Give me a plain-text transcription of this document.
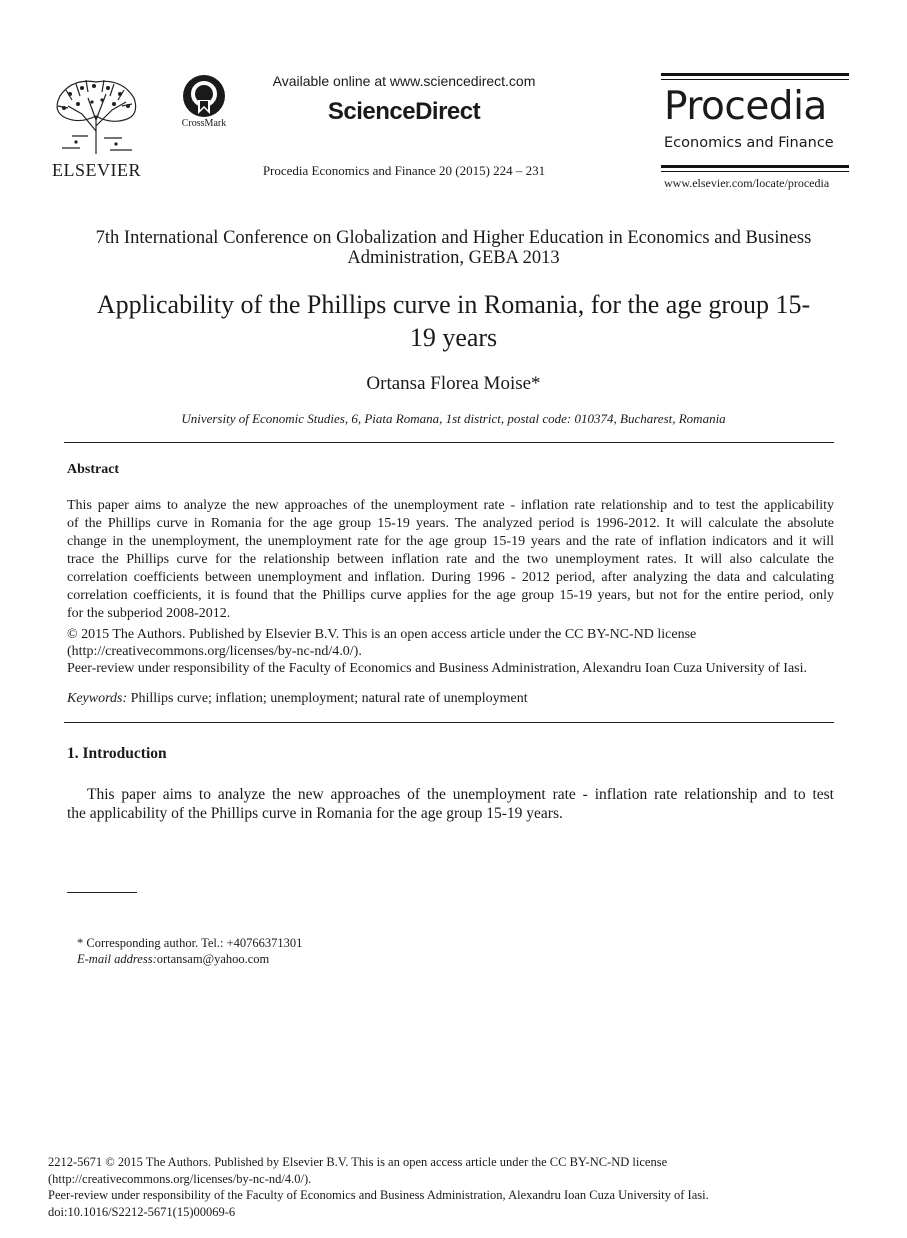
ELSEVIER
CrossMark
Available online at www.sciencedirect.com
ScienceDirect
Procedia Economics and Finance 20 (2015) 224 – 231
Procedia
Economics and Finance
www.elsevier.com/locate/procedia
7th International Conference on Globalization and Higher Education in Economics and Business
Administration, GEBA 2013
Applicability of the Phillips curve in Romania, for the age group 15-
19 years
Ortansa Florea Moise*
University of Economic Studies, 6, Piata Romana, 1st district, postal code: 010374, Bucharest, Romania
Abstract
This paper aims to analyze the new approaches of the unemployment rate - inflation rate relationship and to test the applicability
of the Phillips curve in Romania for the age group 15-19 years. The analyzed period is 1996-2012. It will calculate the absolute
change in the unemployment, the unemployment rate for the age group 15-19 years and the rate of inflation indicators and it will
trace the Phillips curve for the relationship between inflation rate and the two unemployment rates. It will also calculate the
correlation coefficients between unemployment and inflation. During 1996 - 2012 period, after analyzing the data and calculating
correlation coefficients, it is found that the Phillips curve applies for the age group 15-19 years, but not for the entire period, only
for the subperiod 2008-2012.
© 2015 The Authors. Published by Elsevier B.V. This is an open access article under the CC BY-NC-ND license
(http://creativecommons.org/licenses/by-nc-nd/4.0/).
Peer-review under responsibility of the Faculty of Economics and Business Administration, Alexandru Ioan Cuza University of Iasi.
Keywords: Phillips curve; inflation; unemployment; natural rate of unemployment
1. Introduction
This paper aims to analyze the new approaches of the unemployment rate - inflation rate relationship and to test
the applicability of the Phillips curve in Romania for the age group 15-19 years.
* Corresponding author. Tel.: +40766371301
E-mail address:ortansam@yahoo.com
2212-5671 © 2015 The Authors. Published by Elsevier B.V. This is an open access article under the CC BY-NC-ND license
(http://creativecommons.org/licenses/by-nc-nd/4.0/).
Peer-review under responsibility of the Faculty of Economics and Business Administration, Alexandru Ioan Cuza University of Iasi.
doi:10.1016/S2212-5671(15)00069-6
